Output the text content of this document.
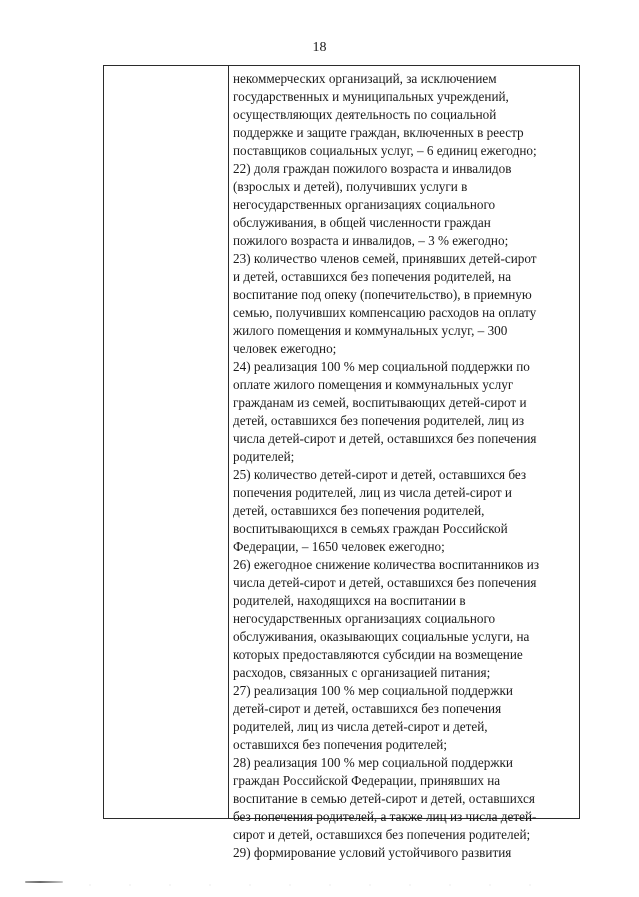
18
некоммерческих организаций, за исключением
государственных и муниципальных учреждений,
осуществляющих деятельность по социальной
поддержке и защите граждан, включенных в реестр
поставщиков социальных услуг, – 6 единиц ежегодно;
22) доля граждан пожилого возраста и инвалидов
(взрослых и детей), получивших услуги в
негосударственных организациях социального
обслуживания, в общей численности граждан
пожилого возраста и инвалидов, – 3 % ежегодно;
23) количество членов семей, принявших детей-сирот
и детей, оставшихся без попечения родителей, на
воспитание под опеку (попечительство), в приемную
семью, получивших компенсацию расходов на оплату
жилого помещения и коммунальных услуг, – 300
человек ежегодно;
24) реализация 100 % мер социальной поддержки по
оплате жилого помещения и коммунальных услуг
гражданам из семей, воспитывающих детей-сирот и
детей, оставшихся без попечения родителей, лиц из
числа детей-сирот и детей, оставшихся без попечения
родителей;
25) количество детей-сирот и детей, оставшихся без
попечения родителей, лиц из числа детей-сирот и
детей, оставшихся без попечения родителей,
воспитывающихся в семьях граждан Российской
Федерации, – 1650 человек ежегодно;
26) ежегодное снижение количества воспитанников из
числа детей-сирот и детей, оставшихся без попечения
родителей, находящихся на воспитании в
негосударственных организациях социального
обслуживания, оказывающих социальные услуги, на
которых предоставляются субсидии на возмещение
расходов, связанных с организацией питания;
27) реализация 100 % мер социальной поддержки
детей-сирот и детей, оставшихся без попечения
родителей, лиц из числа детей-сирот и детей,
оставшихся без попечения родителей;
28) реализация 100 % мер социальной поддержки
граждан Российской Федерации, принявших на
воспитание в семью детей-сирот и детей, оставшихся
без попечения родителей, а также лиц из числа детей-
сирот и детей, оставшихся без попечения родителей;
29) формирование условий устойчивого развития
